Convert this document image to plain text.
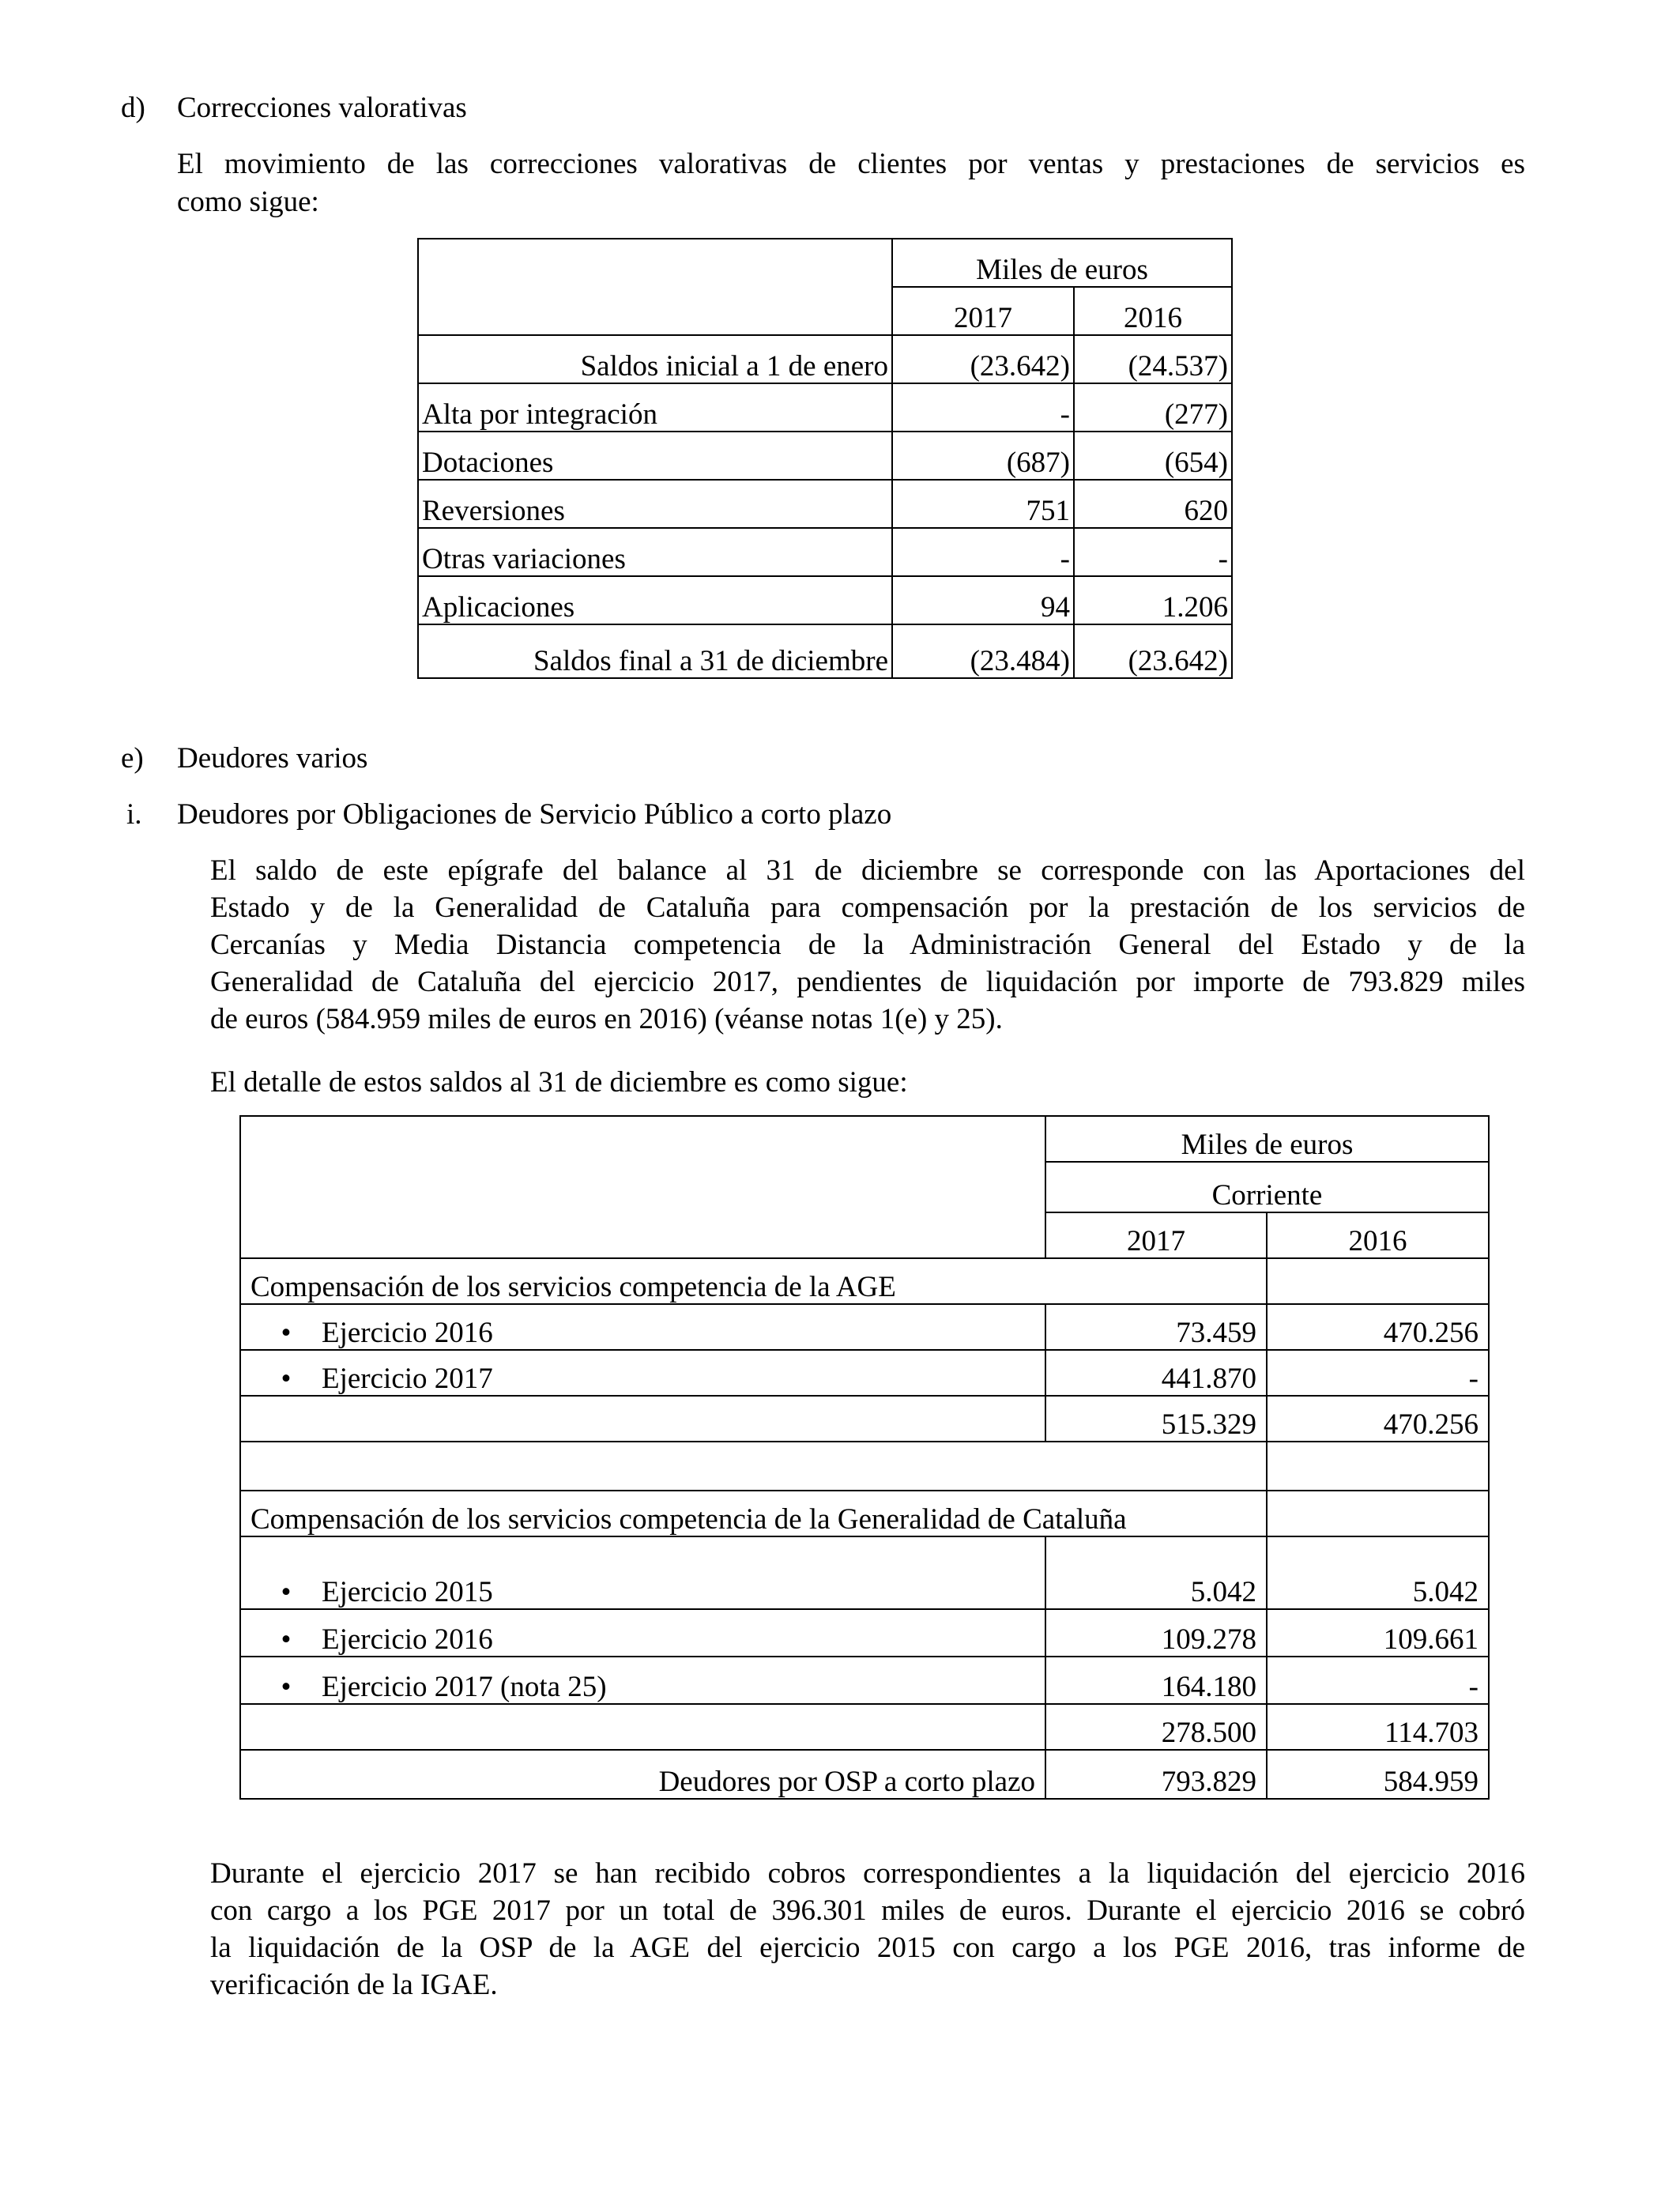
d) Correcciones valorativas
El movimiento de las correcciones valorativas de clientes por ventas y prestaciones de servicios es
como sigue:
	Miles de euros	
	2017	2016
Saldos inicial a 1 de enero	(23.642)	(24.537)
Alta por integración	-	(277)
Dotaciones	(687)	(654)
Reversiones	751	620
Otras variaciones	-	-
Aplicaciones	94	1.206
Saldos final a 31 de diciembre	(23.484)	(23.642)
e) Deudores varios
i. Deudores por Obligaciones de Servicio Público a corto plazo
El saldo de este epígrafe del balance al 31 de diciembre se corresponde con las Aportaciones del
Estado y de la Generalidad de Cataluña para compensación por la prestación de los servicios de
Cercanías y Media Distancia competencia de la Administración General del Estado y de la
Generalidad de Cataluña del ejercicio 2017, pendientes de liquidación por importe de 793.829 miles
de euros (584.959 miles de euros en 2016) (véanse notas 1(e) y 25).
El detalle de estos saldos al 31 de diciembre es como sigue:
	Miles de euros	
	Corriente	
	2017	2016
Compensación de los servicios competencia de la AGE		
• Ejercicio 2016	73.459	470.256
• Ejercicio 2017	441.870	-
	515.329	470.256

Compensación de los servicios competencia de la Generalidad de Cataluña		
• Ejercicio 2015	5.042	5.042
• Ejercicio 2016	109.278	109.661
• Ejercicio 2017 (nota 25)	164.180	-
	278.500	114.703
Deudores por OSP a corto plazo	793.829	584.959
Durante el ejercicio 2017 se han recibido cobros correspondientes a la liquidación del ejercicio 2016
con cargo a los PGE 2017 por un total de 396.301 miles de euros. Durante el ejercicio 2016 se cobró
la liquidación de la OSP de la AGE del ejercicio 2015 con cargo a los PGE 2016, tras informe de
verificación de la IGAE.
